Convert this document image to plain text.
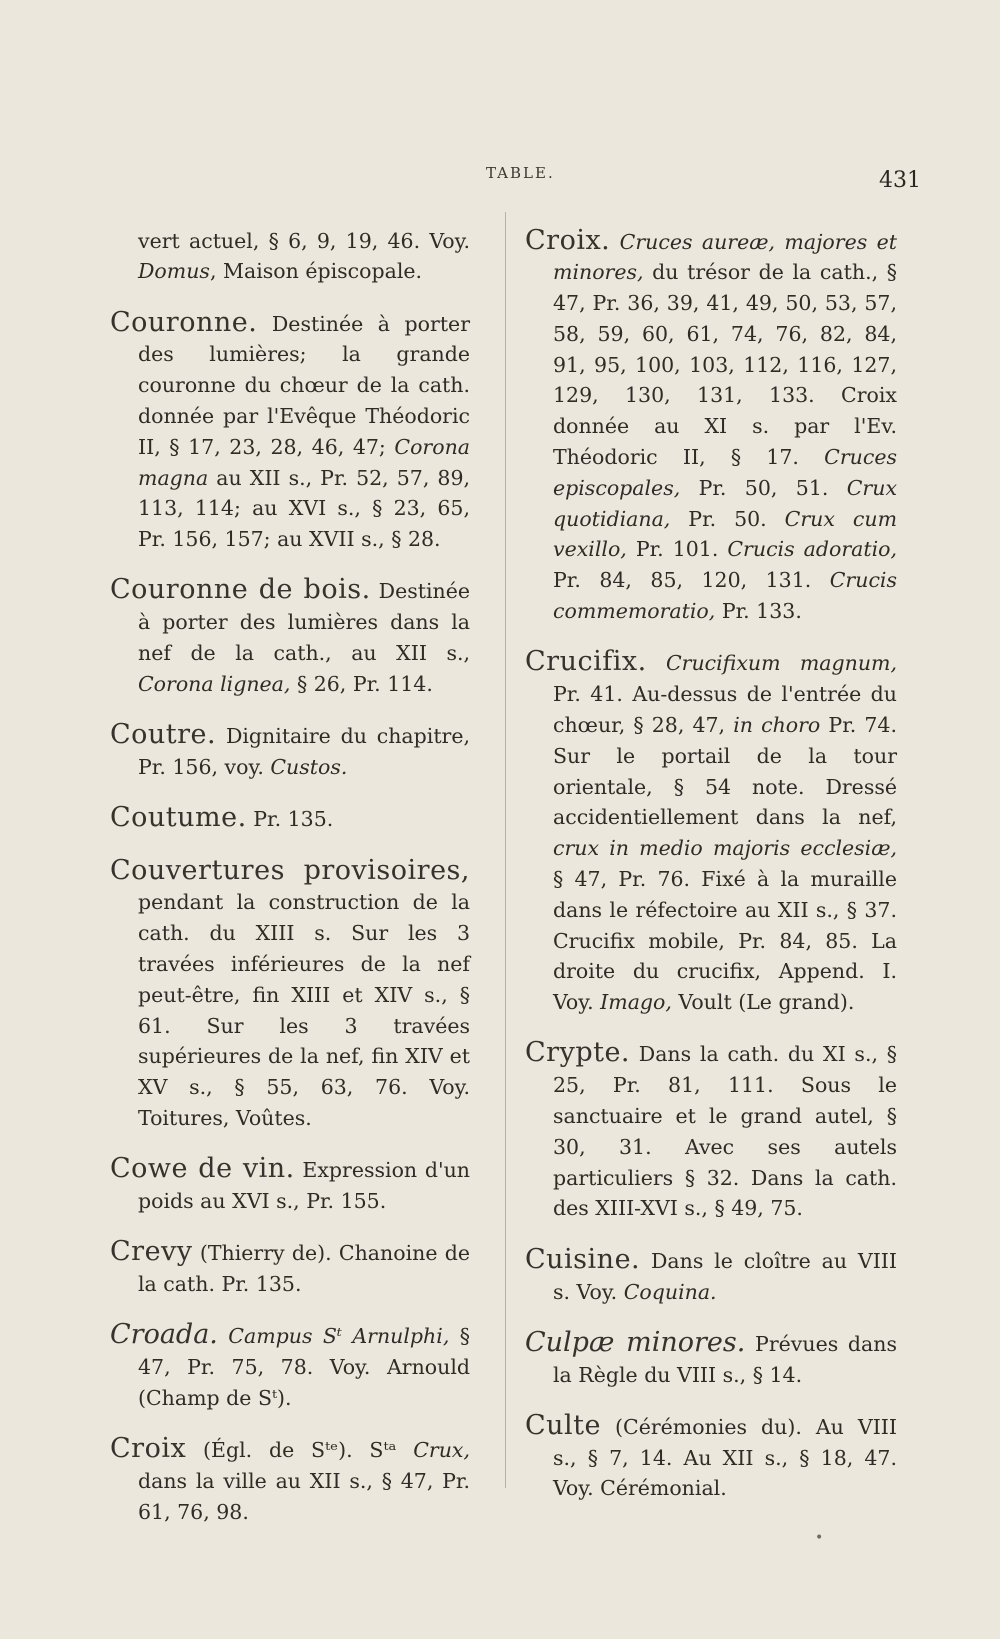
TABLE.	431

vert actuel, § 6, 9, 19, 46. Voy. Domus, Maison épiscopale.

Couronne. Destinée à porter des lumières; la grande couronne du chœur de la cath. donnée par l'Evêque Théodoric II, § 17, 23, 28, 46, 47; Corona magna au XII s., Pr. 52, 57, 89, 113, 114; au XVI s., § 23, 65, Pr. 156, 157; au XVII s., § 28.

Couronne de bois. Destinée à porter des lumières dans la nef de la cath., au XII s., Corona lignea, § 26, Pr. 114.

Coutre. Dignitaire du chapitre, Pr. 156, voy. Custos.

Coutume. Pr. 135.

Couvertures provisoires, pendant la construction de la cath. du XIII s. Sur les 3 travées inférieures de la nef peut-être, fin XIII et XIV s., § 61. Sur les 3 travées supérieures de la nef, fin XIV et XV s., § 55, 63, 76. Voy. Toitures, Voûtes.

Cowe de vin. Expression d'un poids au XVI s., Pr. 155.

Crevy (Thierry de). Chanoine de la cath. Pr. 135.

Croada. Campus Sᵗ Arnulphi, § 47, Pr. 75, 78. Voy. Arnould (Champ de Sᵗ).

Croix (Égl. de Sᵗᵉ). Sᵗᵃ Crux, dans la ville au XII s., § 47, Pr. 61, 76, 98.

Croix. Cruces aureæ, majores et minores, du trésor de la cath., § 47, Pr. 36, 39, 41, 49, 50, 53, 57, 58, 59, 60, 61, 74, 76, 82, 84, 91, 95, 100, 103, 112, 116, 127, 129, 130, 131, 133. Croix donnée au XI s. par l'Ev. Théodoric II, § 17. Cruces episcopales, Pr. 50, 51. Crux quotidiana, Pr. 50. Crux cum vexillo, Pr. 101. Crucis adoratio, Pr. 84, 85, 120, 131. Crucis commemoratio, Pr. 133.

Crucifix. Crucifixum magnum, Pr. 41. Au-dessus de l'entrée du chœur, § 28, 47, in choro Pr. 74. Sur le portail de la tour orientale, § 54 note. Dressé accidentiellement dans la nef, crux in medio majoris ecclesiæ, § 47, Pr. 76. Fixé à la muraille dans le réfectoire au XII s., § 37. Crucifix mobile, Pr. 84, 85. La droite du crucifix, Append. I. Voy. Imago, Voult (Le grand).

Crypte. Dans la cath. du XI s., § 25, Pr. 81, 111. Sous le sanctuaire et le grand autel, § 30, 31. Avec ses autels particuliers § 32. Dans la cath. des XIII-XVI s., § 49, 75.

Cuisine. Dans le cloître au VIII s. Voy. Coquina.

Culpæ minores. Prévues dans la Règle du VIII s., § 14.

Culte (Cérémonies du). Au VIII s., § 7, 14. Au XII s., § 18, 47. Voy. Cérémonial.

•
